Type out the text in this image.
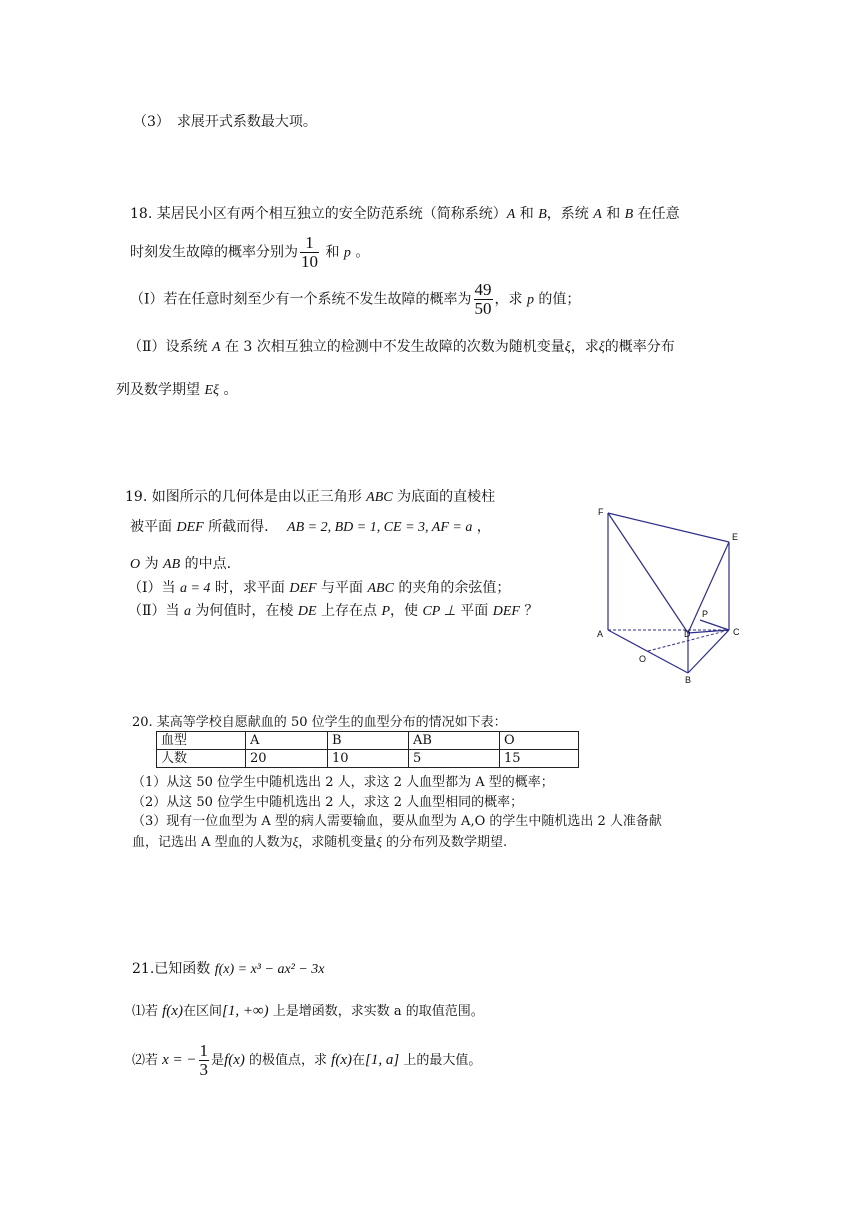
（3）　求展开式系数最大项。
18. 某居民小区有两个相互独立的安全防范系统（简称系统）A 和 B，系统 A 和 B 在任意
时刻发生故障的概率分别为 $\frac{1}{10}$ 和 p 。
（Ⅰ）若在任意时刻至少有一个系统不发生故障的概率为 $\frac{49}{50}$ ，求 p 的值；
（Ⅱ）设系统 A 在 3 次相互独立的检测中不发生故障的次数为随机变量ξ，求ξ的概率分布
列及数学期望 Eξ 。
19. 如图所示的几何体是由以正三角形 ABC 为底面的直棱柱
被平面 DEF 所截而得.　 AB = 2, BD = 1, CE = 3, AF = a ，
O 为 AB 的中点.
（Ⅰ）当 a = 4 时，求平面 DEF 与平面 ABC 的夹角的余弦值；
（Ⅱ）当 a 为何值时，在棱 DE 上存在点 P，使 CP ⊥ 平面 DEF ？
F
E
P
D
A	C
O
B
20. 某高等学校自愿献血的 50 位学生的血型分布的情况如下表：
血型	A	B	AB	O
人数	20	10	5	15
（1）从这 50 位学生中随机选出 2 人，求这 2 人血型都为 A 型的概率；
（2）从这 50 位学生中随机选出 2 人，求这 2 人血型相同的概率；
（3）现有一位血型为 A 型的病人需要输血，要从血型为 A,O 的学生中随机选出 2 人准备献
血，记选出 A 型血的人数为ξ，求随机变量ξ 的分布列及数学期望.
21.已知函数 f(x) = x³ − ax² − 3x
⑴若 f(x)在区间[1, +∞) 上是增函数，求实数 a 的取值范围。
⑵若 x = − $\frac{1}{3}$ 是f(x) 的极值点，求 f(x)在[1, a] 上的最大值。
